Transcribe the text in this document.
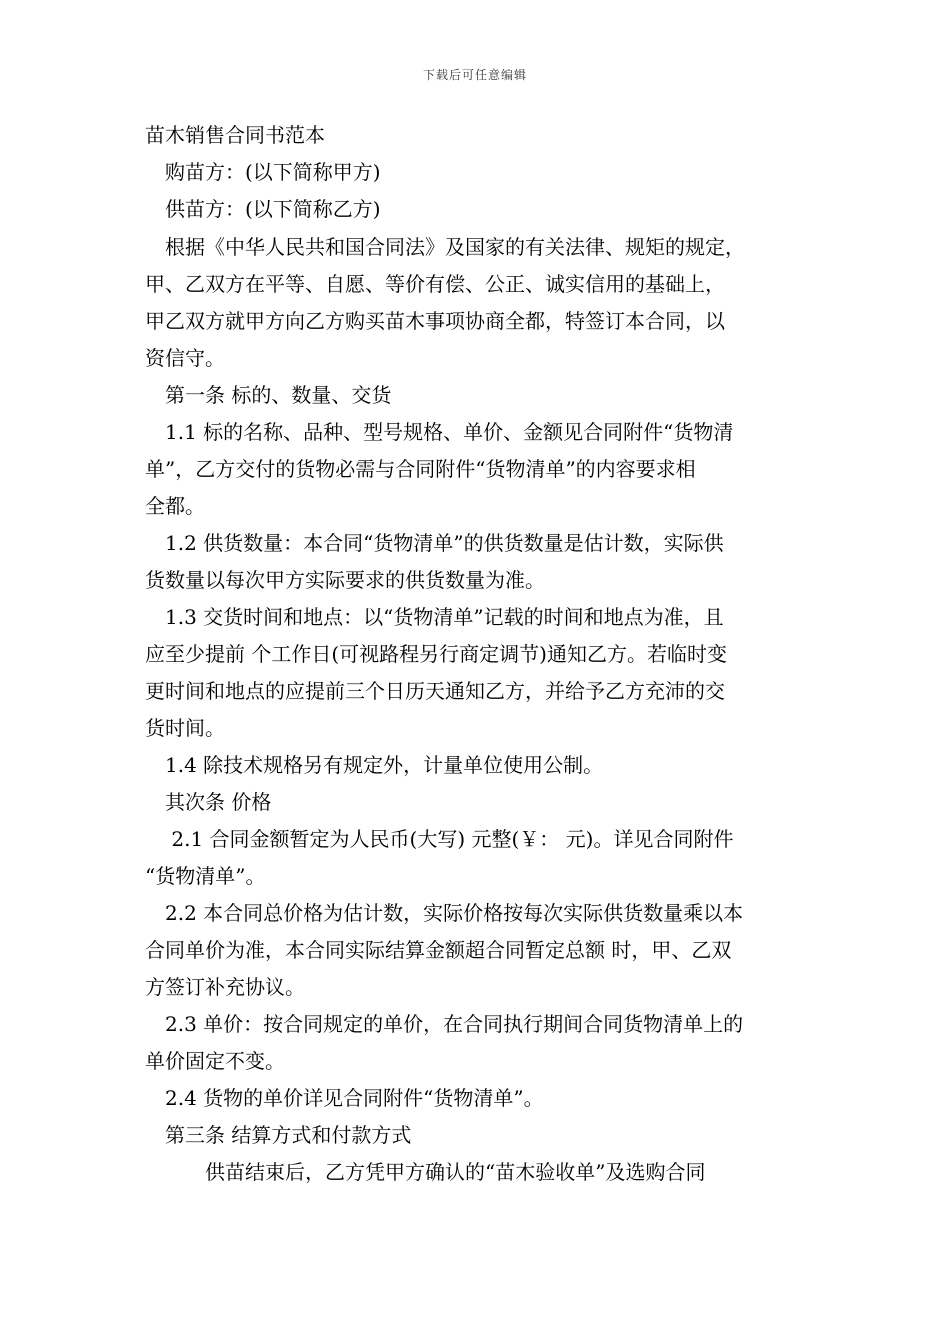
下载后可任意编辑
苗木销售合同书范本
　购苗方：(以下简称甲方)
　供苗方：(以下简称乙方)
　根据《中华人民共和国合同法》及国家的有关法律、规矩的规定，
甲、乙双方在平等、自愿、等价有偿、公正、诚实信用的基础上，
甲乙双方就甲方向乙方购买苗木事项协商全都，特签订本合同，以
资信守。
　第一条 标的、数量、交货
　1.1 标的名称、品种、型号规格、单价、金额见合同附件“货物清
单”，乙方交付的货物必需与合同附件“货物清单”的内容要求相
全都。
　1.2 供货数量：本合同“货物清单”的供货数量是估计数，实际供
货数量以每次甲方实际要求的供货数量为准。
　1.3 交货时间和地点：以“货物清单”记载的时间和地点为准，且
应至少提前 个工作日(可视路程另行商定调节)通知乙方。若临时变
更时间和地点的应提前三个日历天通知乙方，并给予乙方充沛的交
货时间。
　1.4 除技术规格另有规定外，计量单位使用公制。
　其次条 价格
　 2.1 合同金额暂定为人民币(大写) 元整(￥： 元)。详见合同附件
“货物清单”。
　2.2 本合同总价格为估计数，实际价格按每次实际供货数量乘以本
合同单价为准，本合同实际结算金额超合同暂定总额 时，甲、乙双
方签订补充协议。
　2.3 单价：按合同规定的单价，在合同执行期间合同货物清单上的
单价固定不变。
　2.4 货物的单价详见合同附件“货物清单”。
　第三条 结算方式和付款方式
　　　供苗结束后，乙方凭甲方确认的“苗木验收单”及选购合同
